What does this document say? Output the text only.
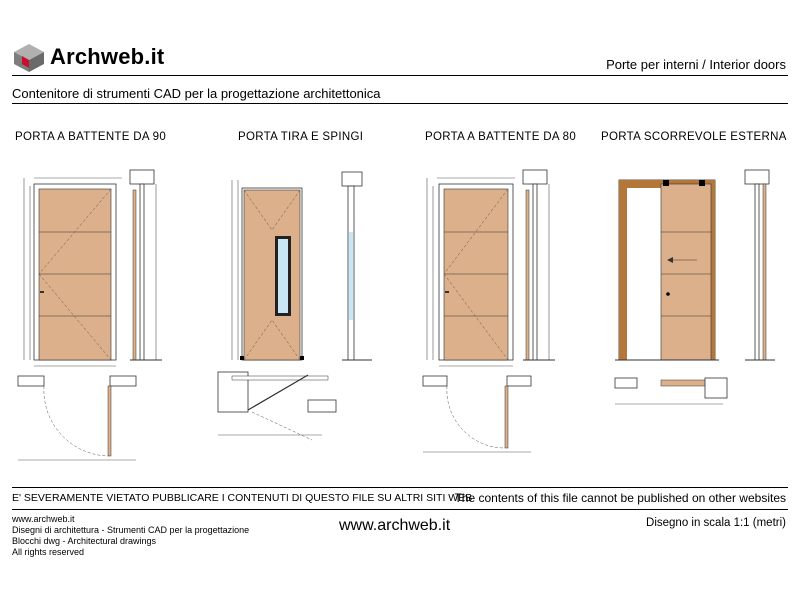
Archweb.it	Porte per interni / Interior doors
Contenitore di strumenti CAD per la progettazione architettonica
PORTA A BATTENTE DA 90	PORTA TIRA E SPINGI	PORTA A BATTENTE DA 80 PORTA SCORREVOLE ESTERNA
E' SEVERAMENTE VIETATO PUBBLICARE I CONTENUTI DI QUESTO FILE SU ALTRI SITI WEB
The contents of this file cannot be published on other websites
www.archweb.it
Disegni di architettura - Strumenti CAD per la progettazione
Blocchi dwg - Architectural drawings
All rights reserved
www.archweb.it	Disegno in scala 1:1 (metri)
